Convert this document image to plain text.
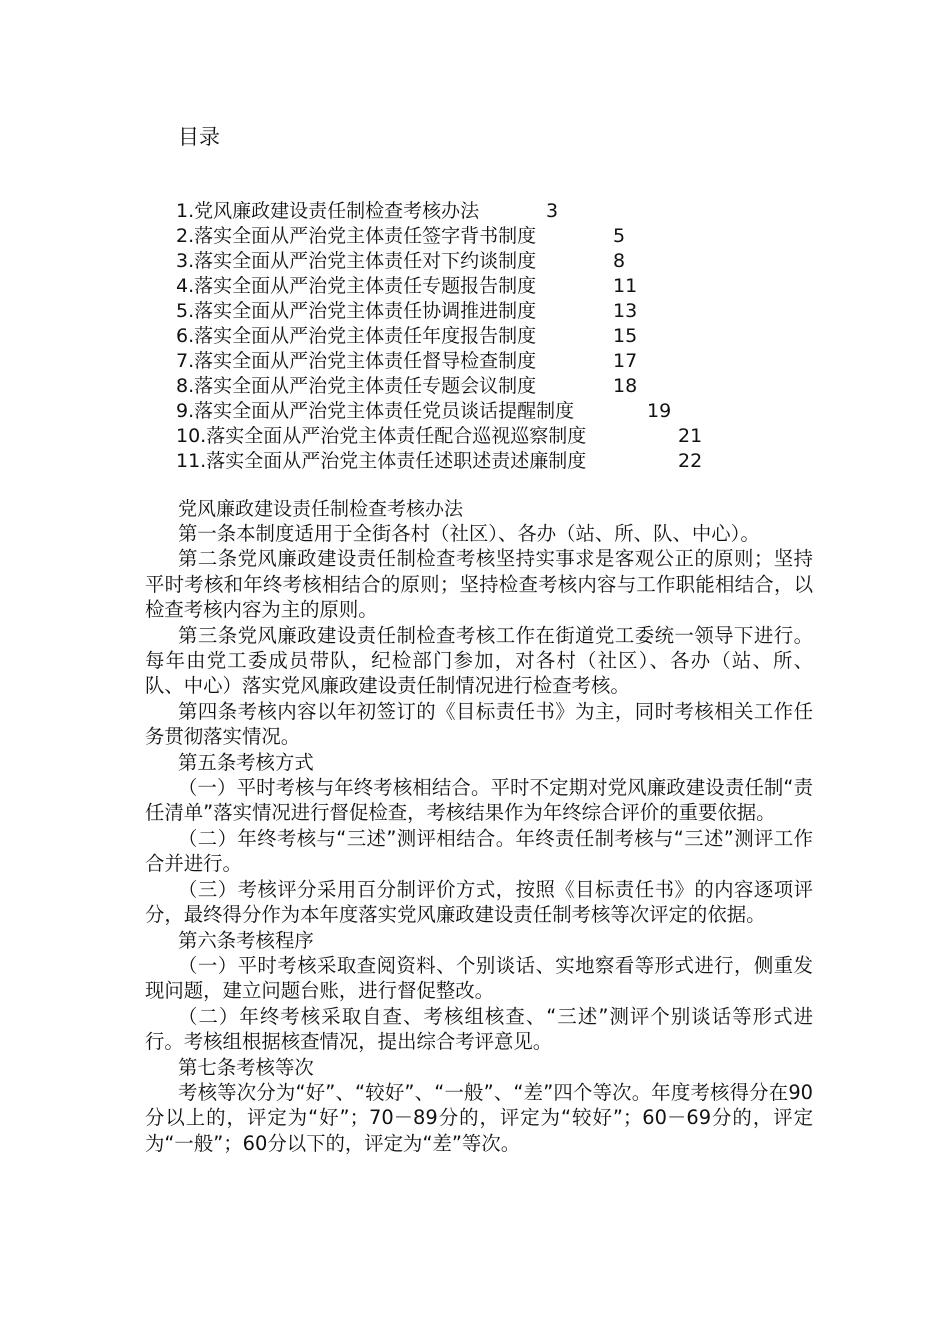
目录
1.党风廉政建设责任制检查考核办法	3
2.落实全面从严治党主体责任签字背书制度	5
3.落实全面从严治党主体责任对下约谈制度	8
4.落实全面从严治党主体责任专题报告制度	11
5.落实全面从严治党主体责任协调推进制度	13
6.落实全面从严治党主体责任年度报告制度	15
7.落实全面从严治党主体责任督导检查制度	17
8.落实全面从严治党主体责任专题会议制度	18
9.落实全面从严治党主体责任党员谈话提醒制度	19
10.落实全面从严治党主体责任配合巡视巡察制度	21
11.落实全面从严治党主体责任述职述责述廉制度	22
党风廉政建设责任制检查考核办法

第一条本制度适用于全街各村（社区）、各办（站、所、队、中心）。

第二条党风廉政建设责任制检查考核坚持实事求是客观公正的原则；坚持平时考核和年终考核相结合的原则；坚持检查考核内容与工作职能相结合，以检查考核内容为主的原则。

第三条党风廉政建设责任制检查考核工作在街道党工委统一领导下进行。每年由党工委成员带队，纪检部门参加，对各村（社区）、各办（站、所、队、中心）落实党风廉政建设责任制情况进行检查考核。

第四条考核内容以年初签订的《目标责任书》为主，同时考核相关工作任务贯彻落实情况。

第五条考核方式

（一）平时考核与年终考核相结合。平时不定期对党风廉政建设责任制“责任清单”落实情况进行督促检查，考核结果作为年终综合评价的重要依据。

（二）年终考核与“三述”测评相结合。年终责任制考核与“三述”测评工作合并进行。

（三）考核评分采用百分制评价方式，按照《目标责任书》的内容逐项评分，最终得分作为本年度落实党风廉政建设责任制考核等次评定的依据。

第六条考核程序

（一）平时考核采取查阅资料、个别谈话、实地察看等形式进行，侧重发现问题，建立问题台账，进行督促整改。

（二）年终考核采取自查、考核组核查、“三述”测评个别谈话等形式进行。考核组根据核查情况，提出综合考评意见。

第七条考核等次

考核等次分为“好”、“较好”、“一般”、“差”四个等次。年度考核得分在90分以上的，评定为“好”；70－89分的，评定为“较好”；60－69分的，评定为“一般”；60分以下的，评定为“差”等次。
